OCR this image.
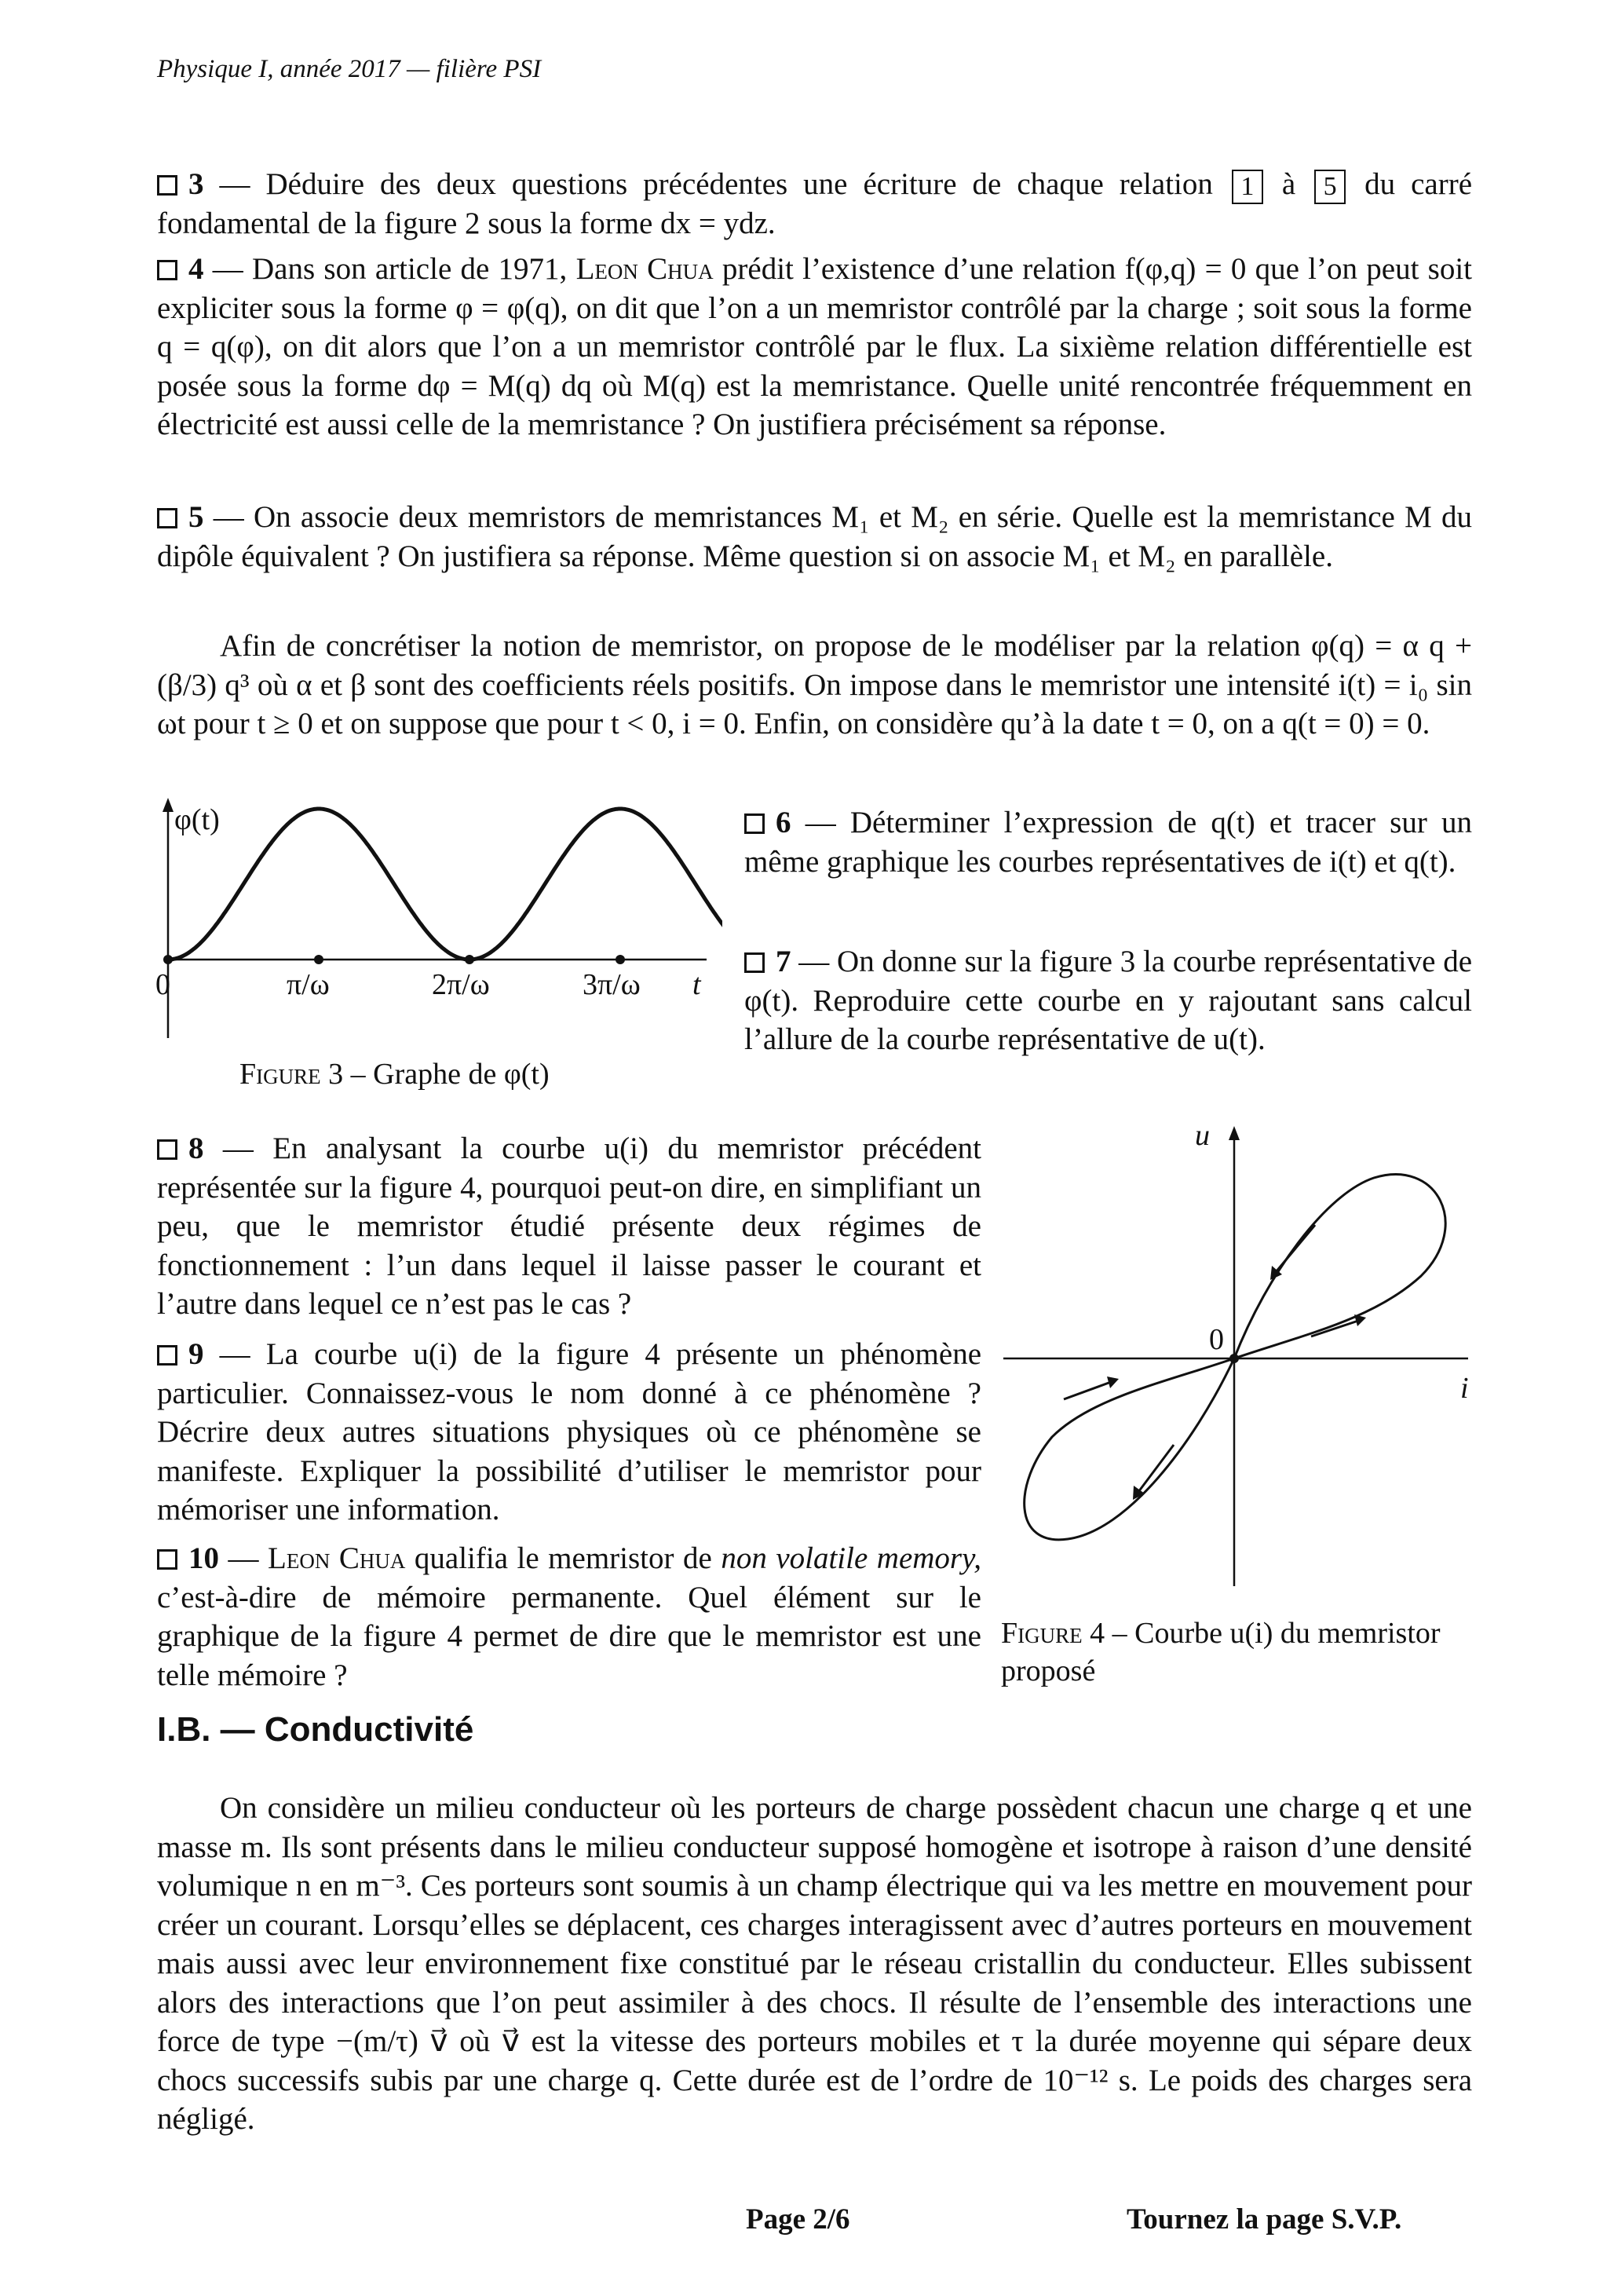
Physique I, année 2017 — filière PSI
3 — Déduire des deux questions précédentes une écriture de chaque relation 1 à 5 du carré fondamental de la figure 2 sous la forme dx = ydz.
4 — Dans son article de 1971, Leon Chua prédit l’existence d’une relation f(φ,q) = 0 que l’on peut soit expliciter sous la forme φ = φ(q), on dit que l’on a un memristor contrôlé par la charge ; soit sous la forme q = q(φ), on dit alors que l’on a un memristor contrôlé par le flux. La sixième relation différentielle est posée sous la forme dφ = M(q) dq où M(q) est la memristance. Quelle unité rencontrée fréquemment en électricité est aussi celle de la memristance ? On justifiera précisément sa réponse.
5 — On associe deux memristors de memristances M₁ et M₂ en série. Quelle est la memristance M du dipôle équivalent ? On justifiera sa réponse. Même question si on associe M₁ et M₂ en parallèle.
Afin de concrétiser la notion de memristor, on propose de le modéliser par la relation φ(q) = α q + (β/3) q³ où α et β sont des coefficients réels positifs. On impose dans le memristor une intensité i(t) = i₀ sin ωt pour t ≥ 0 et on suppose que pour t < 0, i = 0. Enfin, on considère qu’à la date t = 0, on a q(t = 0) = 0.
φ(t)
0	π/ω	2π/ω	3π/ω t
Figure 3 – Graphe de φ(t)
6 — Déterminer l’expression de q(t) et tracer sur un même graphique les courbes représentatives de i(t) et q(t).
7 — On donne sur la figure 3 la courbe représentative de φ(t). Reproduire cette courbe en y rajoutant sans calcul l’allure de la courbe représentative de u(t).
8 — En analysant la courbe u(i) du memristor précédent représentée sur la figure 4, pourquoi peut-on dire, en simplifiant un peu, que le memristor étudié présente deux régimes de fonctionnement : l’un dans lequel il laisse passer le courant et l’autre dans lequel ce n’est pas le cas ?
9 — La courbe u(i) de la figure 4 présente un phénomène particulier. Connaissez-vous le nom donné à ce phénomène ? Décrire deux autres situations physiques où ce phénomène se manifeste. Expliquer la possibilité d’utiliser le memristor pour mémoriser une information.
10 — Leon Chua qualifia le memristor de non volatile memory, c’est-à-dire de mémoire permanente. Quel élément sur le graphique de la figure 4 permet de dire que le memristor est une telle mémoire ?
u
0
i
Figure 4 – Courbe u(i) du memristor proposé
I.B. — Conductivité
On considère un milieu conducteur où les porteurs de charge possèdent chacun une charge q et une masse m. Ils sont présents dans le milieu conducteur supposé homogène et isotrope à raison d’une densité volumique n en m⁻³. Ces porteurs sont soumis à un champ électrique qui va les mettre en mouvement pour créer un courant. Lorsqu’elles se déplacent, ces charges interagissent avec d’autres porteurs en mouvement mais aussi avec leur environnement fixe constitué par le réseau cristallin du conducteur. Elles subissent alors des interactions que l’on peut assimiler à des chocs. Il résulte de l’ensemble des interactions une force de type −(m/τ) v⃗ où v⃗ est la vitesse des porteurs mobiles et τ la durée moyenne qui sépare deux chocs successifs subis par une charge q. Cette durée est de l’ordre de 10⁻¹² s. Le poids des charges sera négligé.
Page 2/6	Tournez la page S.V.P.
